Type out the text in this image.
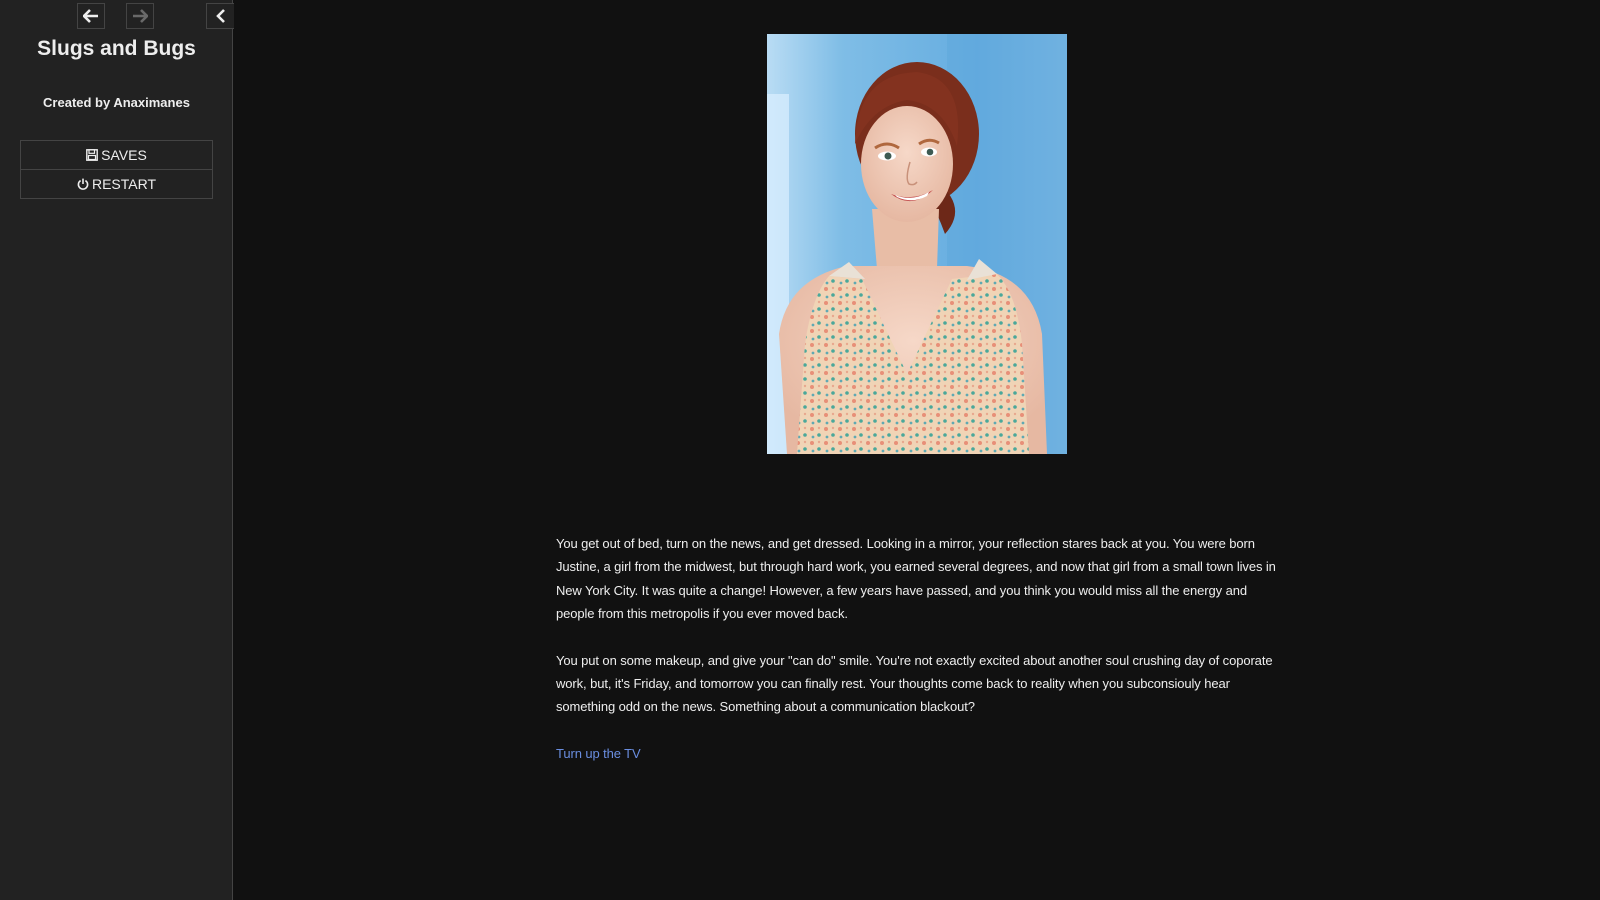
Slugs and Bugs
Created by Anaximanes
SAVES
RESTART

You get out of bed, turn on the news, and get dressed. Looking in a mirror, your reflection stares back at you. You were born Justine, a girl from the midwest, but through hard work, you earned several degrees, and now that girl from a small town lives in New York City. It was quite a change! However, a few years have passed, and you think you would miss all the energy and people from this metropolis if you ever moved back.

You put on some makeup, and give your "can do" smile. You're not exactly excited about another soul crushing day of coporate work, but, it's Friday, and tomorrow you can finally rest. Your thoughts come back to reality when you subconsiouly hear something odd on the news. Something about a communication blackout?

Turn up the TV
